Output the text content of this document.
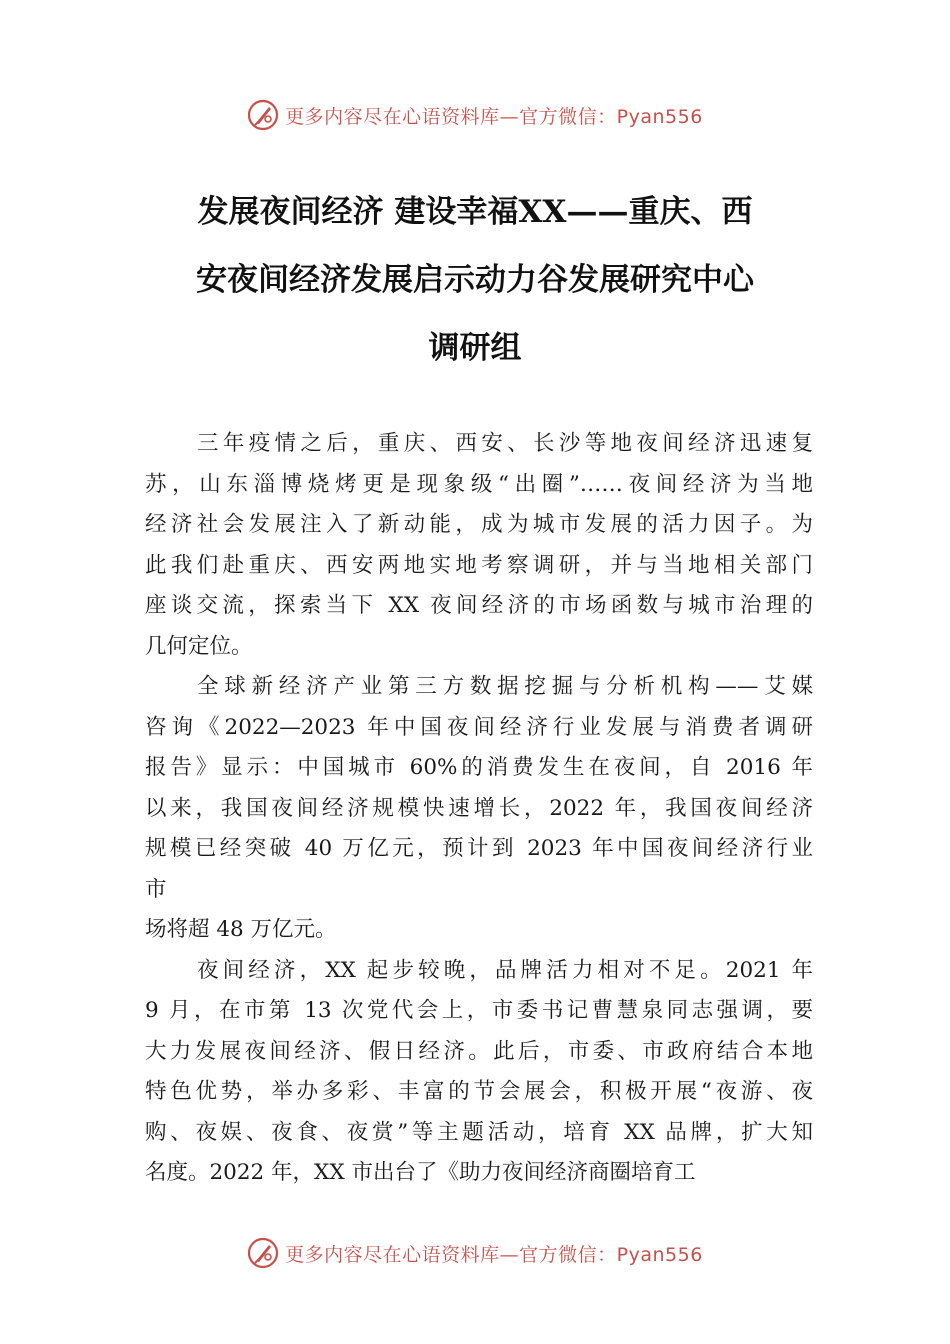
更多内容尽在心语资料库—官方微信：Pyan556
发展夜间经济 建设幸福XX——重庆、西
安夜间经济发展启示动力谷发展研究中心
调研组
三年疫情之后，重庆、西安、长沙等地夜间经济迅速复
苏，山东淄博烧烤更是现象级“出圈”……夜间经济为当地
经济社会发展注入了新动能，成为城市发展的活力因子。为
此我们赴重庆、西安两地实地考察调研，并与当地相关部门
座谈交流，探索当下 XX 夜间经济的市场函数与城市治理的
几何定位。
全球新经济产业第三方数据挖掘与分析机构——艾媒
咨询《2022—2023 年中国夜间经济行业发展与消费者调研
报告》显示：中国城市 60%的消费发生在夜间，自 2016 年
以来，我国夜间经济规模快速增长，2022 年，我国夜间经济
规模已经突破 40 万亿元，预计到 2023 年中国夜间经济行业
市
场将超 48 万亿元。
夜间经济，XX 起步较晚，品牌活力相对不足。2021 年
9 月，在市第 13 次党代会上，市委书记曹慧泉同志强调，要
大力发展夜间经济、假日经济。此后，市委、市政府结合本地
特色优势，举办多彩、丰富的节会展会，积极开展“夜游、夜
购、夜娱、夜食、夜赏”等主题活动，培育 XX 品牌，扩大知
名度。2022 年，XX 市出台了《助力夜间经济商圈培育工
更多内容尽在心语资料库—官方微信：Pyan556
